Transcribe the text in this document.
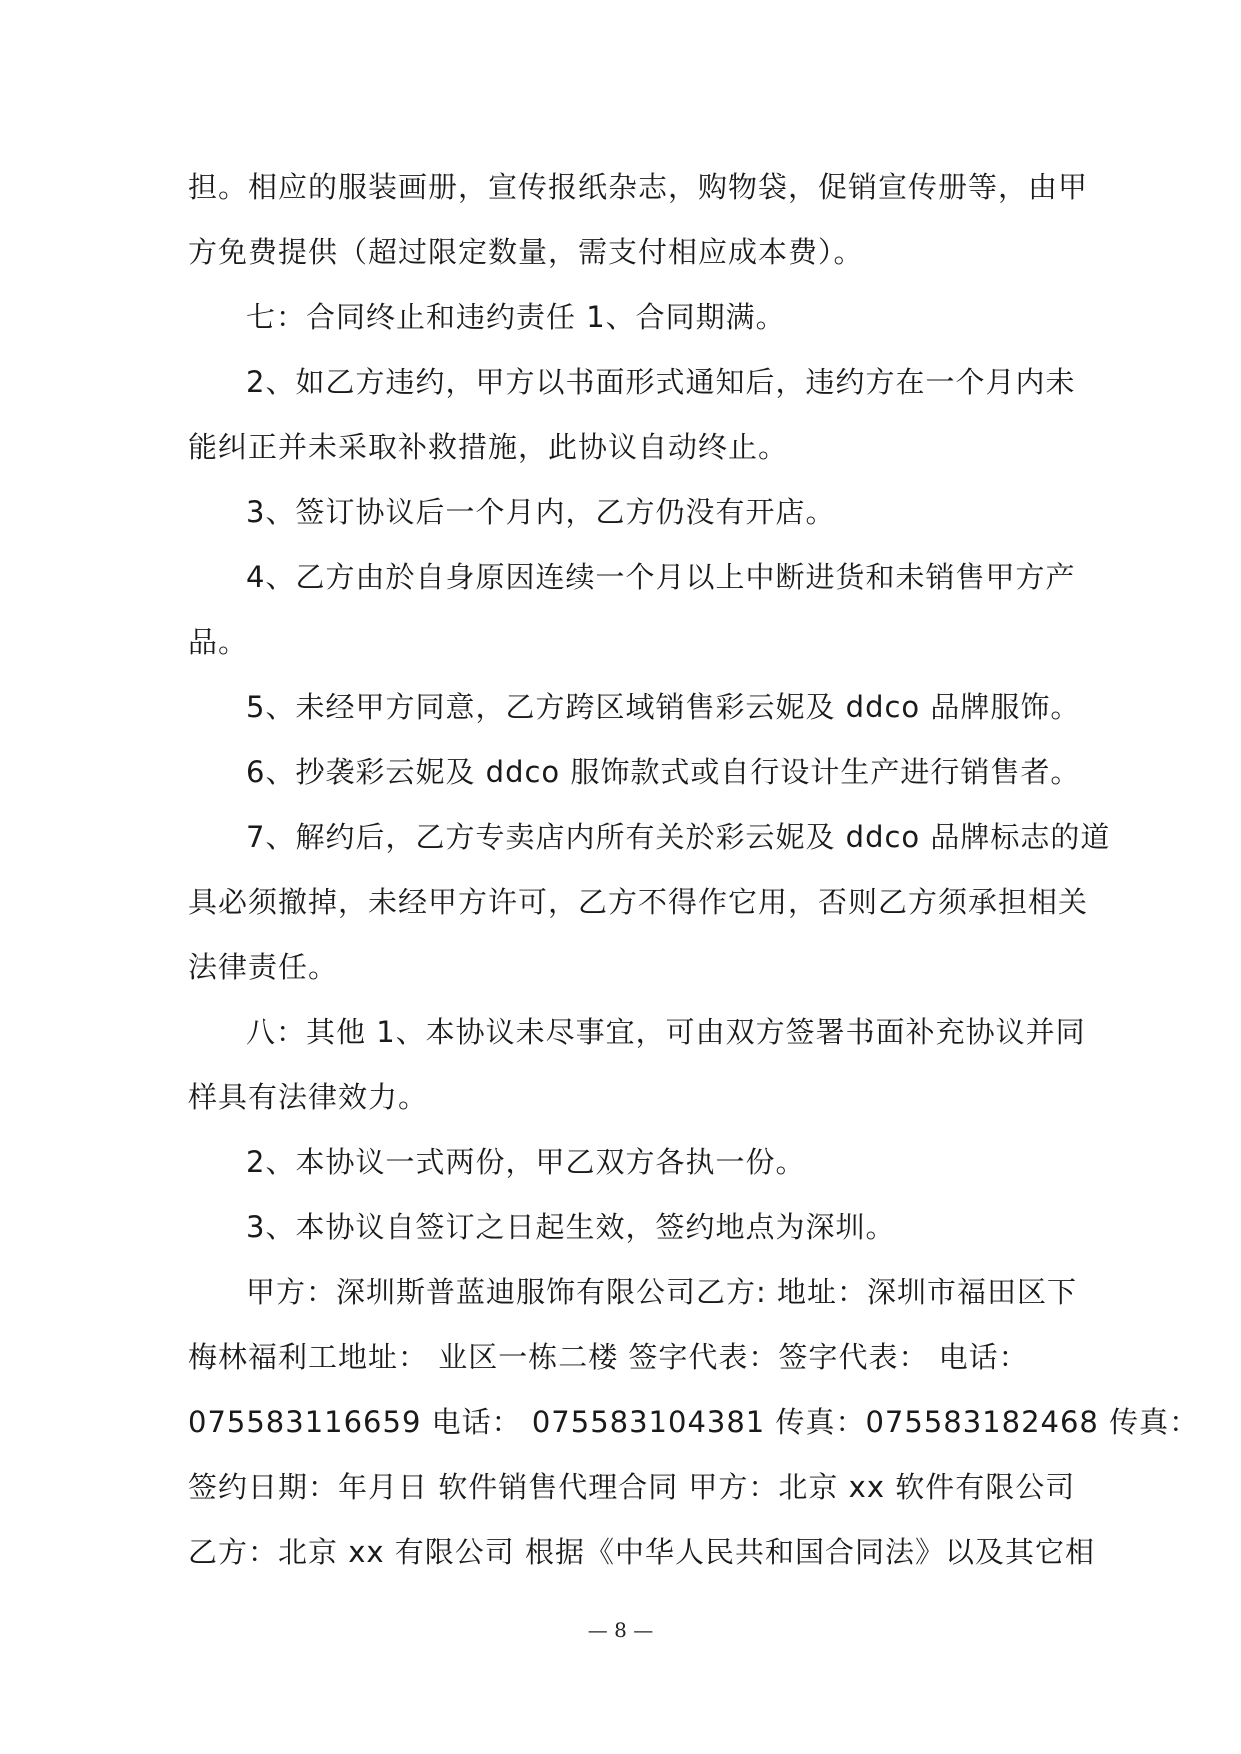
担。相应的服装画册，宣传报纸杂志，购物袋，促销宣传册等，由甲
方免费提供（超过限定数量，需支付相应成本费）。
七：合同终止和违约责任 1、合同期满。
2、如乙方违约，甲方以书面形式通知后，违约方在一个月内未
能纠正并未采取补救措施，此协议自动终止。
3、签订协议后一个月内，乙方仍没有开店。
4、乙方由於自身原因连续一个月以上中断进货和未销售甲方产
品。
5、未经甲方同意，乙方跨区域销售彩云妮及 ddco 品牌服饰。
6、抄袭彩云妮及 ddco 服饰款式或自行设计生产进行销售者。
7、解约后，乙方专卖店内所有关於彩云妮及 ddco 品牌标志的道
具必须撤掉，未经甲方许可，乙方不得作它用，否则乙方须承担相关
法律责任。
八：其他 1、本协议未尽事宜，可由双方签署书面补充协议并同
样具有法律效力。
2、本协议一式两份，甲乙双方各执一份。
3、本协议自签订之日起生效，签约地点为深圳。
甲方：深圳斯普蓝迪服饰有限公司乙方: 地址：深圳市福田区下
梅林福利工地址： 业区一栋二楼 签字代表：签字代表： 电话：
075583116659 电话： 075583104381 传真：075583182468 传真：
签约日期：年月日 软件销售代理合同 甲方：北京 xx 软件有限公司
乙方：北京 xx 有限公司 根据《中华人民共和国合同法》以及其它相
— 8 —
